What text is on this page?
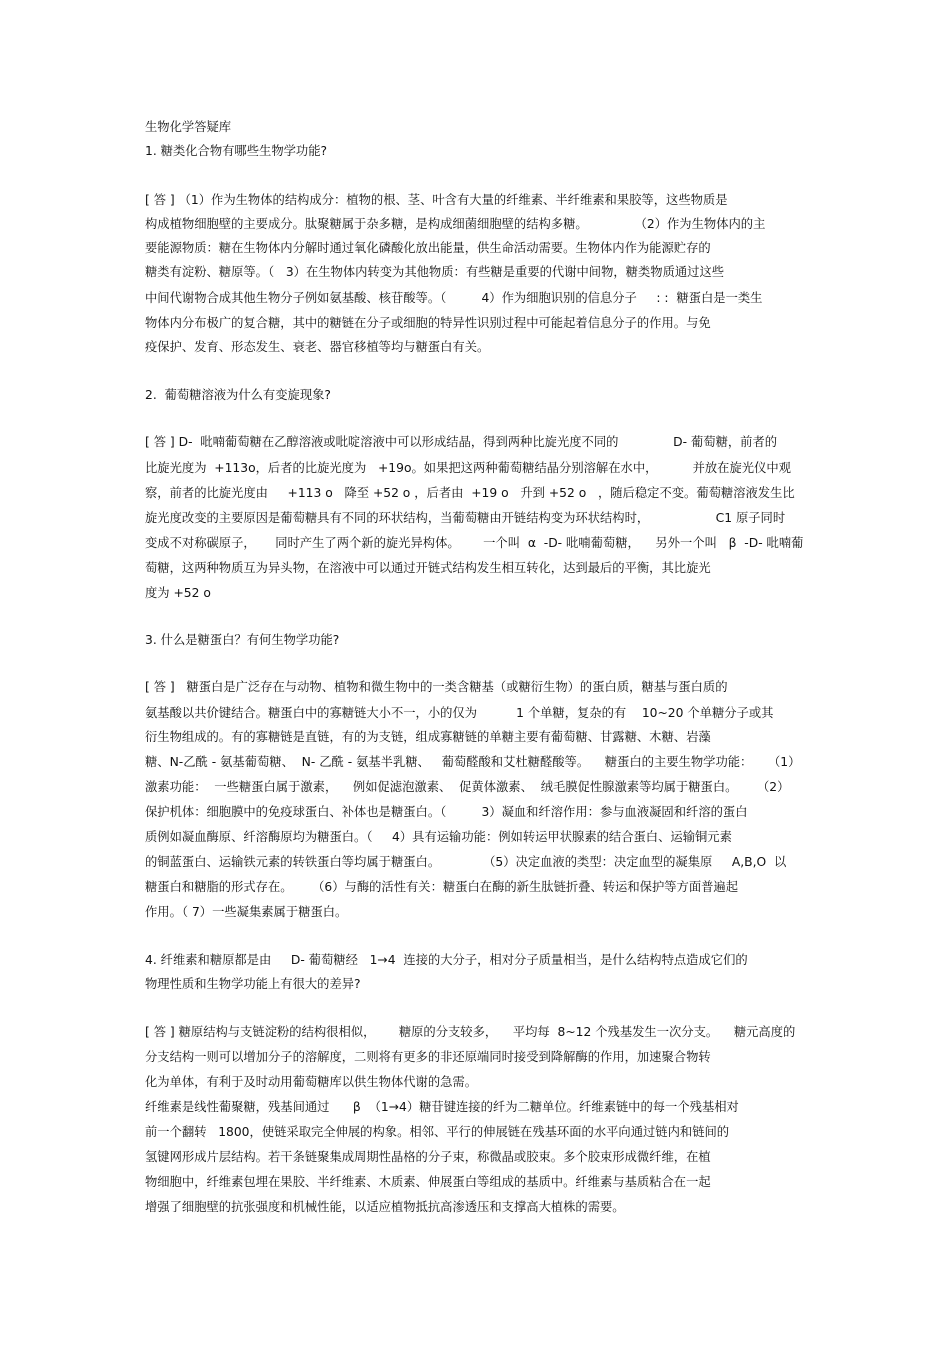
生物化学答疑库
1. 糖类化合物有哪些生物学功能?
[ 答 ] （1）作为生物体的结构成分：植物的根、茎、叶含有大量的纤维素、半纤维素和果胶等，这些物质是
构成植物细胞壁的主要成分。肽聚糖属于杂多糖，是构成细菌细胞壁的结构多糖。            （2）作为生物体内的主
要能源物质：糖在生物体内分解时通过氧化磷酸化放出能量，供生命活动需要。生物体内作为能源贮存的
糖类有淀粉、糖原等。（   3）在生物体内转变为其他物质：有些糖是重要的代谢中间物，糖类物质通过这些
中间代谢物合成其他生物分子例如氨基酸、核苷酸等。（         4）作为细胞识别的信息分子     : :  糖蛋白是一类生
物体内分布极广的复合糖，其中的糖链在分子或细胞的特异性识别过程中可能起着信息分子的作用。与免
疫保护、发育、形态发生、衰老、器官移植等均与糖蛋白有关。
2.  葡萄糖溶液为什么有变旋现象?
[ 答 ] D-  吡喃葡萄糖在乙醇溶液或吡啶溶液中可以形成结晶，得到两种比旋光度不同的              D- 葡萄糖，前者的
比旋光度为  +113o，后者的比旋光度为   +19o。如果把这两种葡萄糖结晶分别溶解在水中，         并放在旋光仪中观
察，前者的比旋光度由     +113 o   降至 +52 o ，后者由  +19 o   升到 +52 o   ，随后稳定不变。葡萄糖溶液发生比
旋光度改变的主要原因是葡萄糖具有不同的环状结构，当葡萄糖由开链结构变为环状结构时，                 C1 原子同时
变成不对称碳原子，     同时产生了两个新的旋光异构体。      一个叫  α  -D- 吡喃葡萄糖，    另外一个叫   β  -D- 吡喃葡
萄糖，这两种物质互为异头物，在溶液中可以通过开链式结构发生相互转化，达到最后的平衡，其比旋光
度为 +52 o
3. 什么是糖蛋白？有何生物学功能?
[ 答 ]   糖蛋白是广泛存在与动物、植物和微生物中的一类含糖基（或糖衍生物）的蛋白质，糖基与蛋白质的
氨基酸以共价键结合。糖蛋白中的寡糖链大小不一，小的仅为          1 个单糖，复杂的有    10~20 个单糖分子或其
衍生物组成的。有的寡糖链是直链，有的为支链，组成寡糖链的单糖主要有葡萄糖、甘露糖、木糖、岩藻
糖、N-乙酰 - 氨基葡萄糖、  N- 乙酰 - 氨基半乳糖、   葡萄醛酸和艾杜糖醛酸等。    糖蛋白的主要生物学功能：    （1）
激素功能：  一些糖蛋白属于激素，    例如促滤泡激素、  促黄体激素、  绒毛膜促性腺激素等均属于糖蛋白。     （2）
保护机体：细胞膜中的免疫球蛋白、补体也是糖蛋白。（         3）凝血和纤溶作用：参与血液凝固和纤溶的蛋白
质例如凝血酶原、纤溶酶原均为糖蛋白。（     4）具有运输功能：例如转运甲状腺素的结合蛋白、运输铜元素
的铜蓝蛋白、运输铁元素的转铁蛋白等均属于糖蛋白。           （5）决定血液的类型：决定血型的凝集原     A,B,O  以
糖蛋白和糖脂的形式存在。     （6）与酶的活性有关：糖蛋白在酶的新生肽链折叠、转运和保护等方面普遍起
作用。（ 7）一些凝集素属于糖蛋白。
4. 纤维素和糖原都是由     D- 葡萄糖经   1→4  连接的大分子，相对分子质量相当，是什么结构特点造成它们的
物理性质和生物学功能上有很大的差异?
[ 答 ] 糖原结构与支链淀粉的结构很相似，      糖原的分支较多，    平均每  8~12 个残基发生一次分支。    糖元高度的
分支结构一则可以增加分子的溶解度，二则将有更多的非还原端同时接受到降解酶的作用，加速聚合物转
化为单体，有利于及时动用葡萄糖库以供生物体代谢的急需。
纤维素是线性葡聚糖，残基间通过      β  （1→4）糖苷键连接的纤为二糖单位。纤维素链中的每一个残基相对
前一个翻转   1800，使链采取完全伸展的构象。相邻、平行的伸展链在残基环面的水平向通过链内和链间的
氢键网形成片层结构。若干条链聚集成周期性晶格的分子束，称微晶或胶束。多个胶束形成微纤维，在植
物细胞中，纤维素包埋在果胶、半纤维素、木质素、伸展蛋白等组成的基质中。纤维素与基质粘合在一起
增强了细胞壁的抗张强度和机械性能，以适应植物抵抗高渗透压和支撑高大植株的需要。
